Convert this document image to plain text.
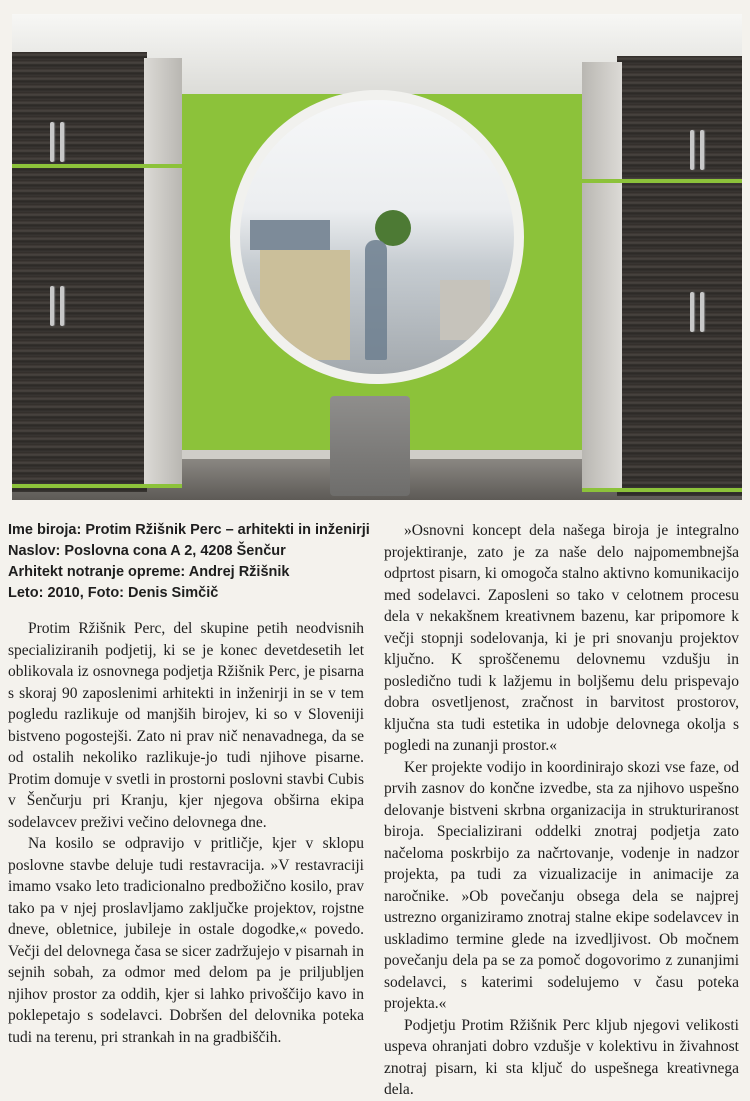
Ime biroja: Protim Ržišnik Perc – arhitekti in inženirji
Naslov: Poslovna cona A 2, 4208 Šenčur
Arhitekt notranje opreme: Andrej Ržišnik
Leto: 2010, Foto: Denis Simčič

Protim Ržišnik Perc, del skupine petih neodvisnih specializiranih podjetij, ki se je konec devetdesetih let oblikovala iz osnovnega podjetja Ržišnik Perc, je pisarna s skoraj 90 zaposlenimi arhitekti in inženirji in se v tem pogledu razlikuje od manjših birojev, ki so v Sloveniji bistveno pogostejši. Zato ni prav nič nenavadnega, da se od ostalih nekoliko razlikuje-jo tudi njihove pisarne. Protim domuje v svetli in prostorni poslovni stavbi Cubis v Šenčurju pri Kranju, kjer njegova obširna ekipa sodelavcev preživi večino delovnega dne.

Na kosilo se odpravijo v pritličje, kjer v sklopu poslovne stavbe deluje tudi restavracija. »V restavraciji imamo vsako leto tradicionalno predbožično kosilo, prav tako pa v njej proslavljamo zaključke projektov, rojstne dneve, obletnice, jubileje in ostale dogodke,« povedo. Večji del delovnega časa se sicer zadržujejo v pisarnah in sejnih sobah, za odmor med delom pa je priljubljen njihov prostor za oddih, kjer si lahko privoščijo kavo in poklepetajo s sodelavci. Dobršen del delovnika poteka tudi na terenu, pri strankah in na gradbiščih.

»Osnovni koncept dela našega biroja je integralno projektiranje, zato je za naše delo najpomembnejša odprtost pisarn, ki omogoča stalno aktivno komunikacijo med sodelavci. Zaposleni so tako v celotnem procesu dela v nekakšnem kreativnem bazenu, kar pripomore k večji stopnji sodelovanja, ki je pri snovanju projektov ključno. K sproščenemu delovnemu vzdušju in posledično tudi k lažjemu in boljšemu delu prispevajo dobra osvetljenost, zračnost in barvitost prostorov, ključna sta tudi estetika in udobje delovnega okolja s pogledi na zunanji prostor.«

Ker projekte vodijo in koordinirajo skozi vse faze, od prvih zasnov do končne izvedbe, sta za njihovo uspešno delovanje bistveni skrbna organizacija in strukturiranost biroja. Specializirani oddelki znotraj podjetja zato načeloma poskrbijo za načrtovanje, vodenje in nadzor projekta, pa tudi za vizualizacije in animacije za naročnike. »Ob povečanju obsega dela se najprej ustrezno organiziramo znotraj stalne ekipe sodelavcev in uskladimo termine glede na izvedljivost. Ob močnem povečanju dela pa se za pomoč dogovorimo z zunanjimi sodelavci, s katerimi sodelujemo v času poteka projekta.«

Podjetju Protim Ržišnik Perc kljub njegovi velikosti uspeva ohranjati dobro vzdušje v kolektivu in živahnost znotraj pisarn, ki sta ključ do uspešnega kreativnega dela.
